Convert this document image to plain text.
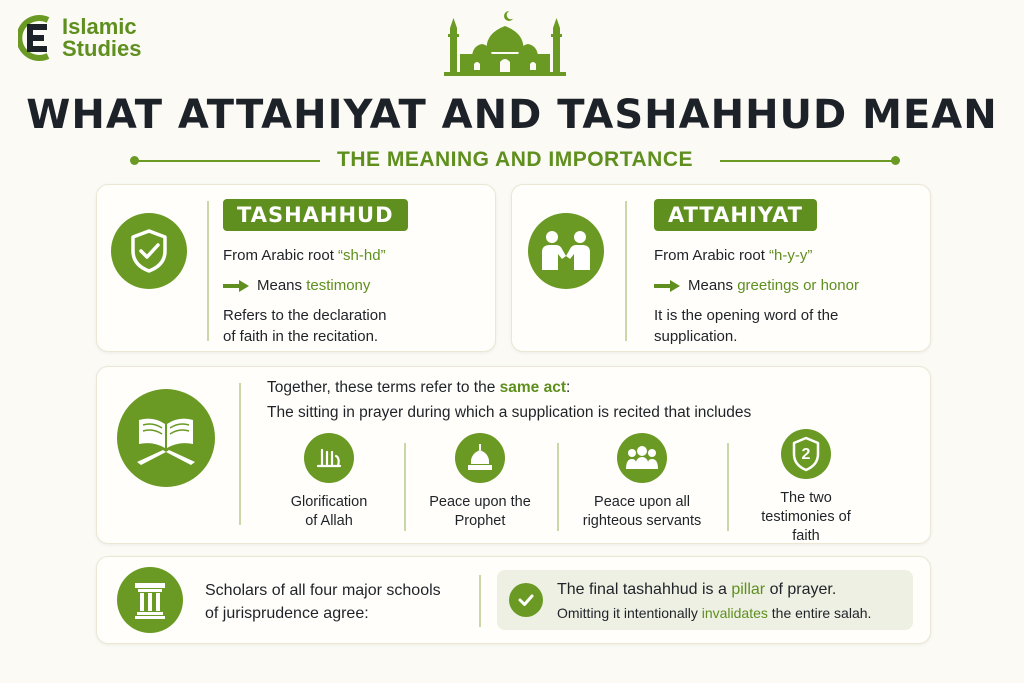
Islamic
Studies
WHAT ATTAHIYAT AND TASHAHHUD MEAN
THE MEANING AND IMPORTANCE
TASHAHHUD
From Arabic root “sh-hd”
Means testimony
Refers to the declaration
of faith in the recitation.
ATTAHIYAT
From Arabic root “h-y-y”
Means greetings or honor
It is the opening word of the
supplication.
Together, these terms refer to the same act:
The sitting in prayer during which a supplication is recited that includes
Glorification
of Allah
Peace upon the
Prophet
Peace upon all
righteous servants
2
The two
testimonies of
faith
Scholars of all four major schools
of jurisprudence agree:
The final tashahhud is a pillar of prayer.
Omitting it intentionally invalidates the entire salah.
